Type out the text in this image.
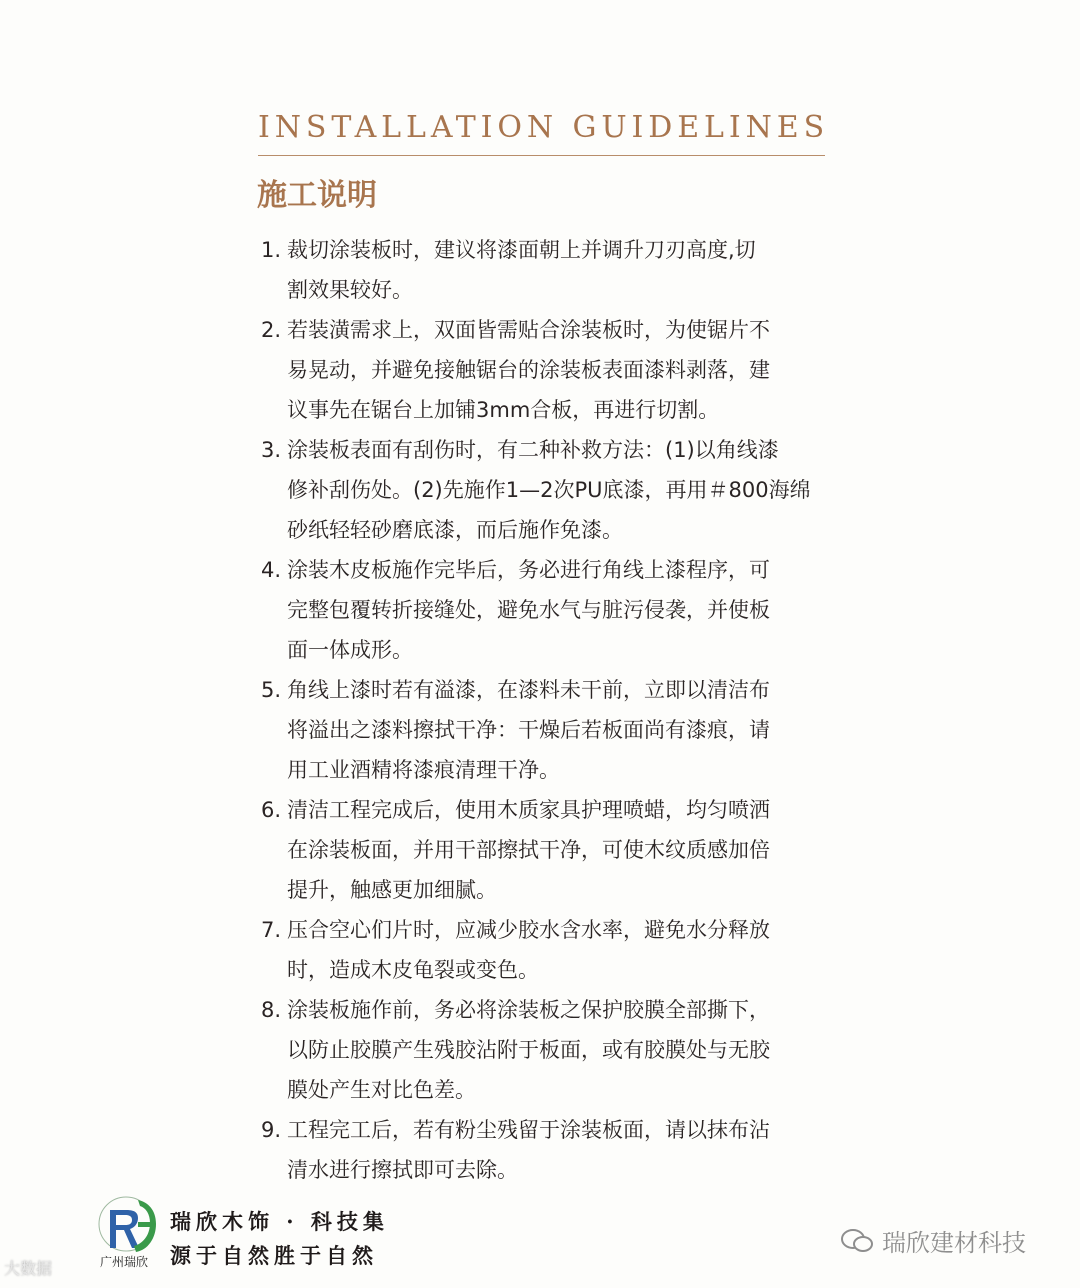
INSTALLATION GUIDELINES
施工说明
1. 裁切涂装板时，建议将漆面朝上并调升刀刃高度,切
割效果较好。
2. 若装潢需求上，双面皆需贴合涂装板时，为使锯片不
易晃动，并避免接触锯台的涂装板表面漆料剥落，建
议事先在锯台上加铺3mm合板，再进行切割。
3. 涂装板表面有刮伤时，有二种补救方法：(1)以角线漆
修补刮伤处。(2)先施作1—2次PU底漆，再用＃800海绵
砂纸轻轻砂磨底漆，而后施作免漆。
4. 涂装木皮板施作完毕后，务必进行角线上漆程序，可
完整包覆转折接缝处，避免水气与脏污侵袭，并使板
面一体成形。
5. 角线上漆时若有溢漆，在漆料未干前，立即以清洁布
将溢出之漆料擦拭干净：干燥后若板面尚有漆痕，请
用工业酒精将漆痕清理干净。
6. 清洁工程完成后，使用木质家具护理喷蜡，均匀喷洒
在涂装板面，并用干部擦拭干净，可使木纹质感加倍
提升，触感更加细腻。
7. 压合空心们片时，应减少胶水含水率，避免水分释放
时，造成木皮龟裂或变色。
8. 涂装板施作前，务必将涂装板之保护胶膜全部撕下，
以防止胶膜产生残胶沾附于板面，或有胶膜处与无胶
膜处产生对比色差。
9. 工程完工后，若有粉尘残留于涂装板面，请以抹布沾
清水进行擦拭即可去除。
广州瑞欣
瑞欣木饰 · 科技集
源于自然胜于自然
大数据
瑞欣建材科技
